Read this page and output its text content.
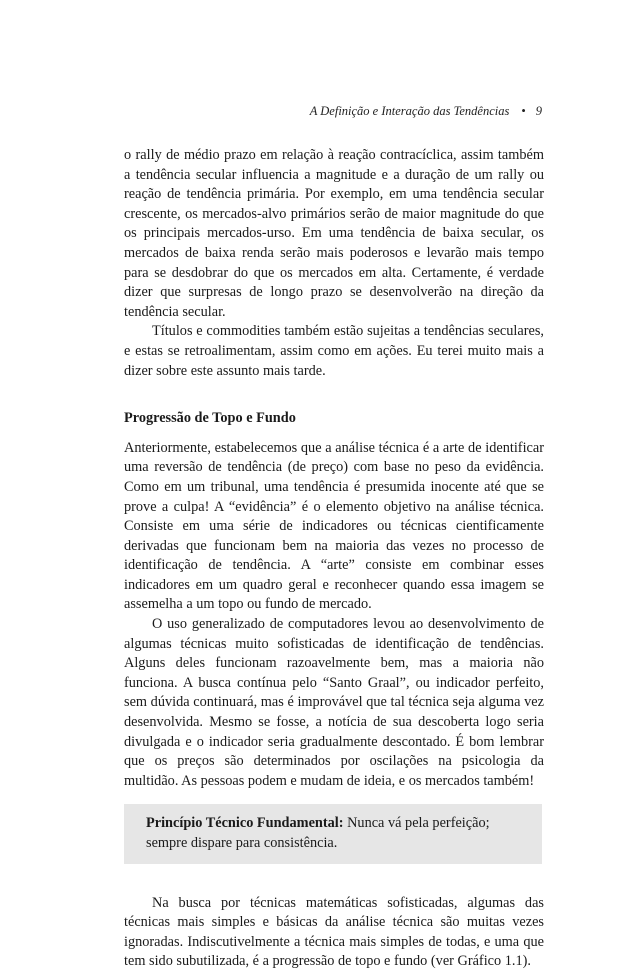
A Definição e Interação das Tendências • 9

o rally de médio prazo em relação à reação contracíclica, assim também a tendência secular influencia a magnitude e a duração de um rally ou reação de tendência primária. Por exemplo, em uma tendência secular crescente, os mercados-alvo primários serão de maior magnitude do que os principais mercados-urso. Em uma tendência de baixa secular, os mercados de baixa renda serão mais poderosos e levarão mais tempo para se desdobrar do que os mercados em alta. Certamente, é verdade dizer que surpresas de longo prazo se desenvolverão na direção da tendência secular.

Títulos e commodities também estão sujeitas a tendências seculares, e estas se retroalimentam, assim como em ações. Eu terei muito mais a dizer sobre este assunto mais tarde.

Progressão de Topo e Fundo

Anteriormente, estabelecemos que a análise técnica é a arte de identificar uma reversão de tendência (de preço) com base no peso da evidência. Como em um tribunal, uma tendência é presumida inocente até que se prove a culpa! A “evidência” é o elemento objetivo na análise técnica. Consiste em uma série de indicadores ou técnicas cientificamente derivadas que funcionam bem na maioria das vezes no processo de identificação de tendência. A “arte” consiste em combinar esses indicadores em um quadro geral e reconhecer quando essa imagem se assemelha a um topo ou fundo de mercado.

O uso generalizado de computadores levou ao desenvolvimento de algumas técnicas muito sofisticadas de identificação de tendências. Alguns deles funcionam razoavelmente bem, mas a maioria não funciona. A busca contínua pelo “Santo Graal”, ou indicador perfeito, sem dúvida continuará, mas é improvável que tal técnica seja alguma vez desenvolvida. Mesmo se fosse, a notícia de sua descoberta logo seria divulgada e o indicador seria gradualmente descontado. É bom lembrar que os preços são determinados por oscilações na psicologia da multidão. As pessoas podem e mudam de ideia, e os mercados também!

Princípio Técnico Fundamental: Nunca vá pela perfeição; sempre dispare para consistência.

Na busca por técnicas matemáticas sofisticadas, algumas das técnicas mais simples e básicas da análise técnica são muitas vezes ignoradas. Indiscutivelmente a técnica mais simples de todas, e uma que tem sido subutilizada, é a progressão de topo e fundo (ver Gráfico 1.1).
